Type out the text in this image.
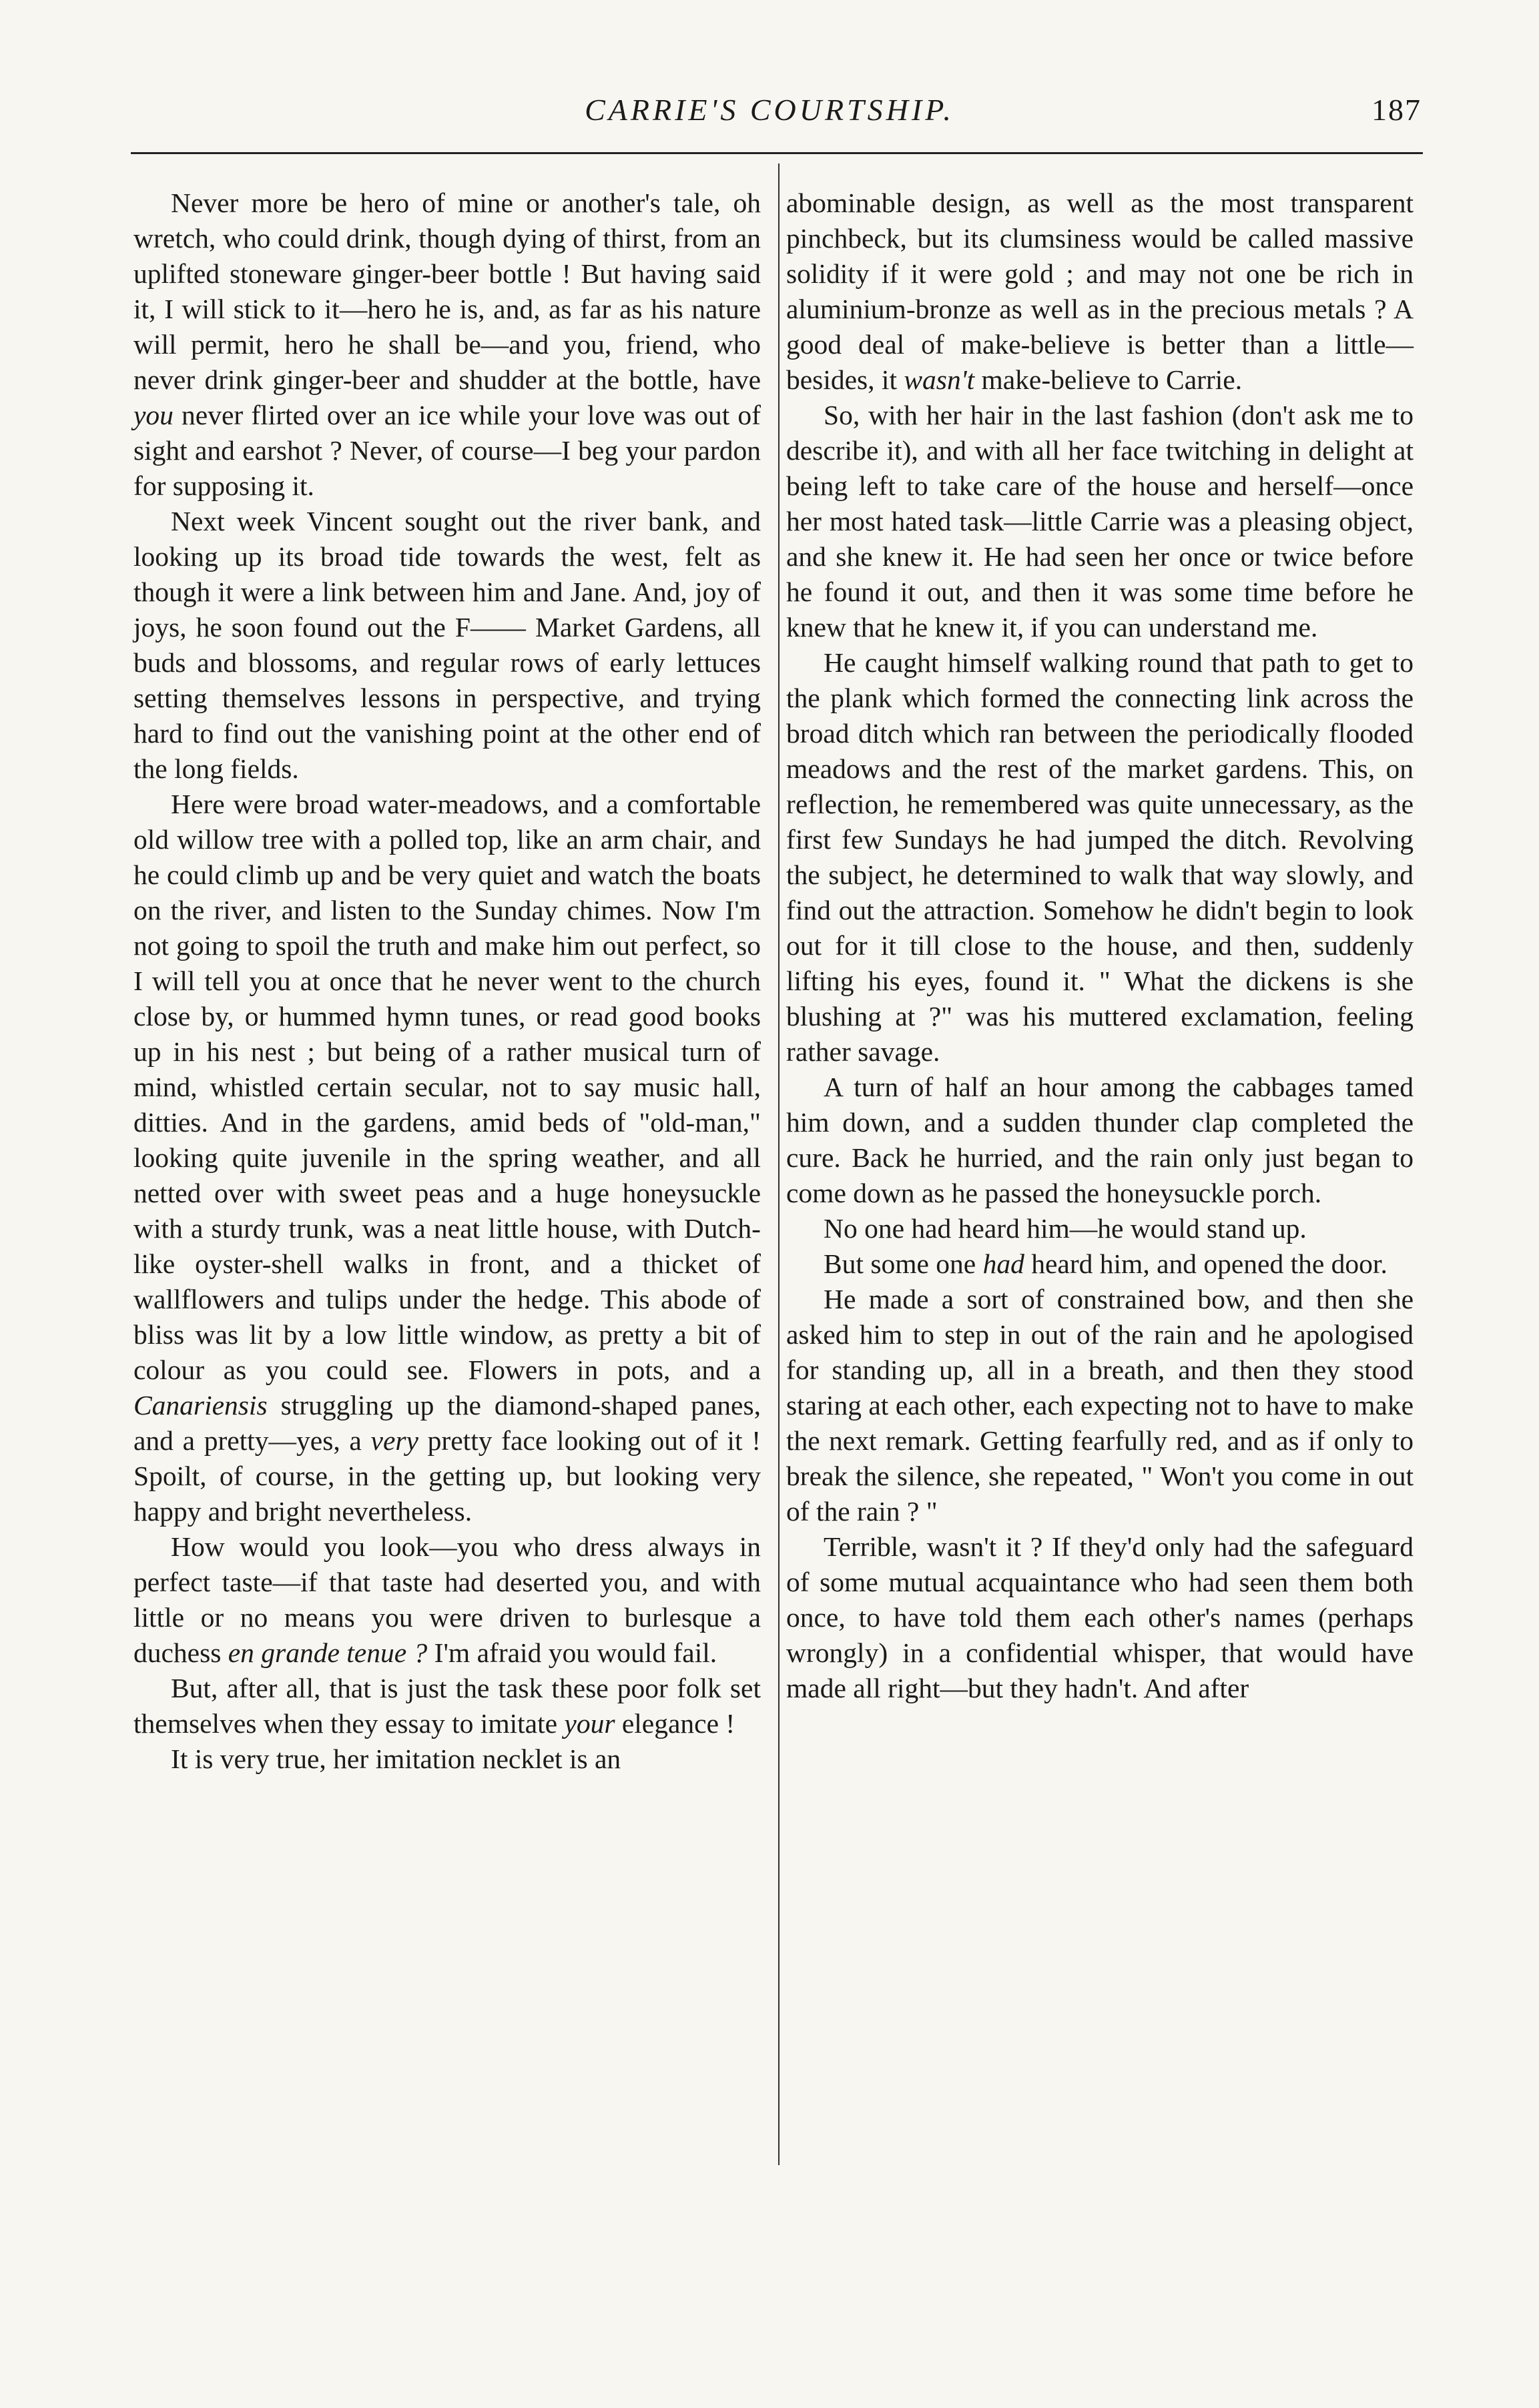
CARRIE'S COURTSHIP.	187

Never more be hero of mine or another's tale, oh wretch, who could drink, though dying of thirst, from an uplifted stoneware ginger-beer bottle ! But having said it, I will stick to it—hero he is, and, as far as his nature will permit, hero he shall be—and you, friend, who never drink ginger-beer and shudder at the bottle, have you never flirted over an ice while your love was out of sight and earshot ? Never, of course—I beg your pardon for supposing it.

Next week Vincent sought out the river bank, and looking up its broad tide towards the west, felt as though it were a link between him and Jane. And, joy of joys, he soon found out the F—— Market Gardens, all buds and blossoms, and regular rows of early lettuces setting themselves lessons in perspective, and trying hard to find out the vanishing point at the other end of the long fields.

Here were broad water-meadows, and a comfortable old willow tree with a polled top, like an arm chair, and he could climb up and be very quiet and watch the boats on the river, and listen to the Sunday chimes. Now I'm not going to spoil the truth and make him out perfect, so I will tell you at once that he never went to the church close by, or hummed hymn tunes, or read good books up in his nest ; but being of a rather musical turn of mind, whistled certain secular, not to say music hall, ditties. And in the gardens, amid beds of "old-man," looking quite juvenile in the spring weather, and all netted over with sweet peas and a huge honeysuckle with a sturdy trunk, was a neat little house, with Dutch-like oyster-shell walks in front, and a thicket of wallflowers and tulips under the hedge. This abode of bliss was lit by a low little window, as pretty a bit of colour as you could see. Flowers in pots, and a Canariensis struggling up the diamond-shaped panes, and a pretty—yes, a very pretty face looking out of it ! Spoilt, of course, in the getting up, but looking very happy and bright nevertheless.

How would you look—you who dress always in perfect taste—if that taste had deserted you, and with little or no means you were driven to burlesque a duchess en grande tenue ? I'm afraid you would fail.

But, after all, that is just the task these poor folk set themselves when they essay to imitate your elegance !

It is very true, her imitation necklet is an

abominable design, as well as the most transparent pinchbeck, but its clumsiness would be called massive solidity if it were gold ; and may not one be rich in aluminium-bronze as well as in the precious metals ? A good deal of make-believe is better than a little—besides, it wasn't make-believe to Carrie.

So, with her hair in the last fashion (don't ask me to describe it), and with all her face twitching in delight at being left to take care of the house and herself—once her most hated task—little Carrie was a pleasing object, and she knew it. He had seen her once or twice before he found it out, and then it was some time before he knew that he knew it, if you can understand me.

He caught himself walking round that path to get to the plank which formed the connecting link across the broad ditch which ran between the periodically flooded meadows and the rest of the market gardens. This, on reflection, he remembered was quite unnecessary, as the first few Sundays he had jumped the ditch. Revolving the subject, he determined to walk that way slowly, and find out the attraction. Somehow he didn't begin to look out for it till close to the house, and then, suddenly lifting his eyes, found it. " What the dickens is she blushing at ?" was his muttered exclamation, feeling rather savage.

A turn of half an hour among the cabbages tamed him down, and a sudden thunder clap completed the cure. Back he hurried, and the rain only just began to come down as he passed the honeysuckle porch.

No one had heard him—he would stand up.

But some one had heard him, and opened the door.

He made a sort of constrained bow, and then she asked him to step in out of the rain and he apologised for standing up, all in a breath, and then they stood staring at each other, each expecting not to have to make the next remark. Getting fearfully red, and as if only to break the silence, she repeated, " Won't you come in out of the rain ? "

Terrible, wasn't it ? If they'd only had the safeguard of some mutual acquaintance who had seen them both once, to have told them each other's names (perhaps wrongly) in a confidential whisper, that would have made all right—but they hadn't. And after
